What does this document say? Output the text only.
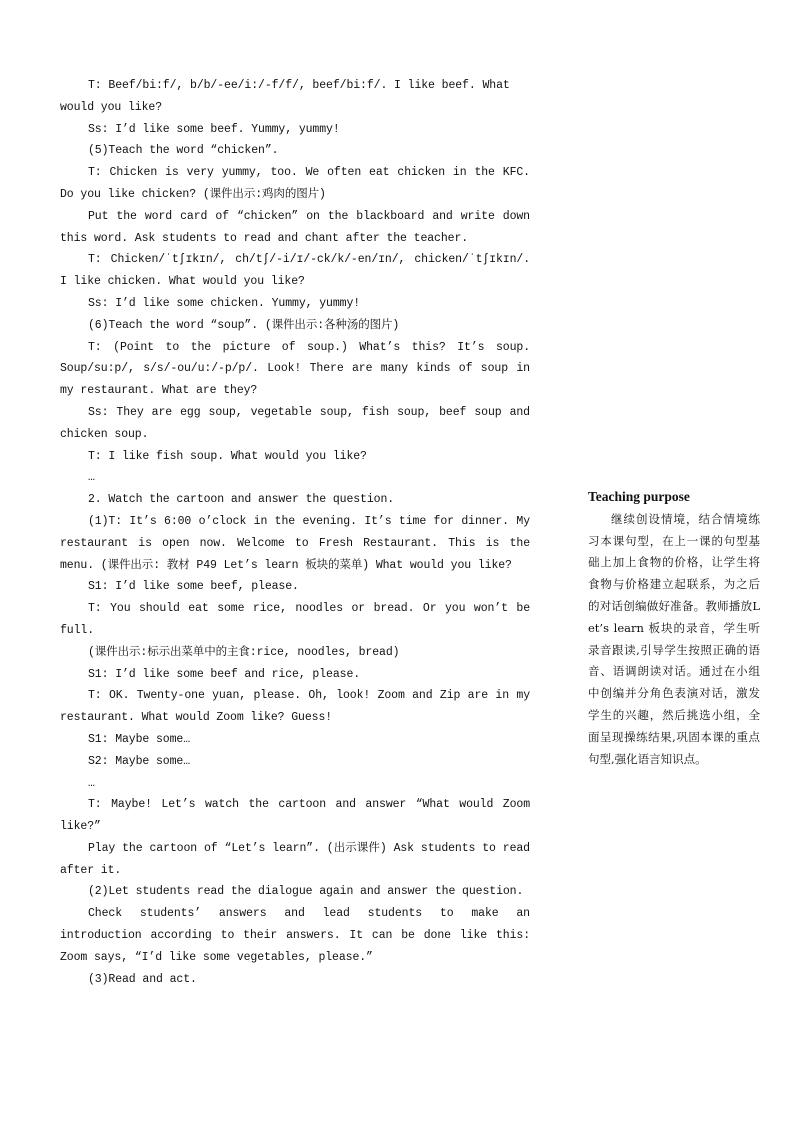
T: Beef/bi:f/, b/b/-ee/i:/-f/f/, beef/bi:f/. I like beef. What

would you like?

Ss: I’d like some beef. Yummy, yummy!

(5)Teach the word “chicken”.

T: Chicken is very yummy, too. We often eat chicken in the KFC. Do you like chicken? (课件出示:鸡肉的图片)

Put the word card of “chicken” on the blackboard and write down this word. Ask students to read and chant after the teacher.

T: Chicken/ˈtʃɪkɪn/, ch/tʃ/-i/ɪ/-ck/k/-en/ɪn/, chicken/ˈtʃɪkɪn/. I like chicken. What would you like?

Ss: I’d like some chicken. Yummy, yummy!

(6)Teach the word “soup”. (课件出示:各种汤的图片)

T: (Point to the picture of soup.) What’s this? It’s soup. Soup/su:p/, s/s/-ou/u:/-p/p/. Look! There are many kinds of soup in my restaurant. What are they?

Ss: They are egg soup, vegetable soup, fish soup, beef soup and chicken soup.

T: I like fish soup. What would you like?

…

2. Watch the cartoon and answer the question.

(1)T: It’s 6:00 o’clock in the evening. It’s time for dinner. My restaurant is open now. Welcome to Fresh Restaurant. This is the menu. (课件出示: 教材 P49 Let’s learn 板块的菜单) What would you like?

S1: I’d like some beef, please.

T: You should eat some rice, noodles or bread. Or you won’t be full.

(课件出示:标示出菜单中的主食:rice, noodles, bread)

S1: I’d like some beef and rice, please.

T: OK. Twenty-one yuan, please. Oh, look! Zoom and Zip are in my restaurant. What would Zoom like? Guess!

S1: Maybe some…

S2: Maybe some…

…

T: Maybe! Let’s watch the cartoon and answer “What would Zoom like?”

Play the cartoon of “Let’s learn”. (出示课件) Ask students to read after it.

(2)Let students read the dialogue again and answer the question.

Check students’ answers and lead students to make an introduction according to their answers. It can be done like this: Zoom says, “I’d like some vegetables, please.”

(3)Read and act.

Teaching purpose

继续创设情境，结合情境练习本课句型，在上一课的句型基础上加上食物的价格，让学生将食物与价格建立起联系，为之后的对话创编做好准备。教师播放Let’s learn 板块的录音，学生听录音跟读,引导学生按照正确的语音、语调朗读对话。通过在小组中创编并分角色表演对话，激发学生的兴趣，然后挑选小组，全面呈现操练结果,巩固本课的重点句型,强化语言知识点。
